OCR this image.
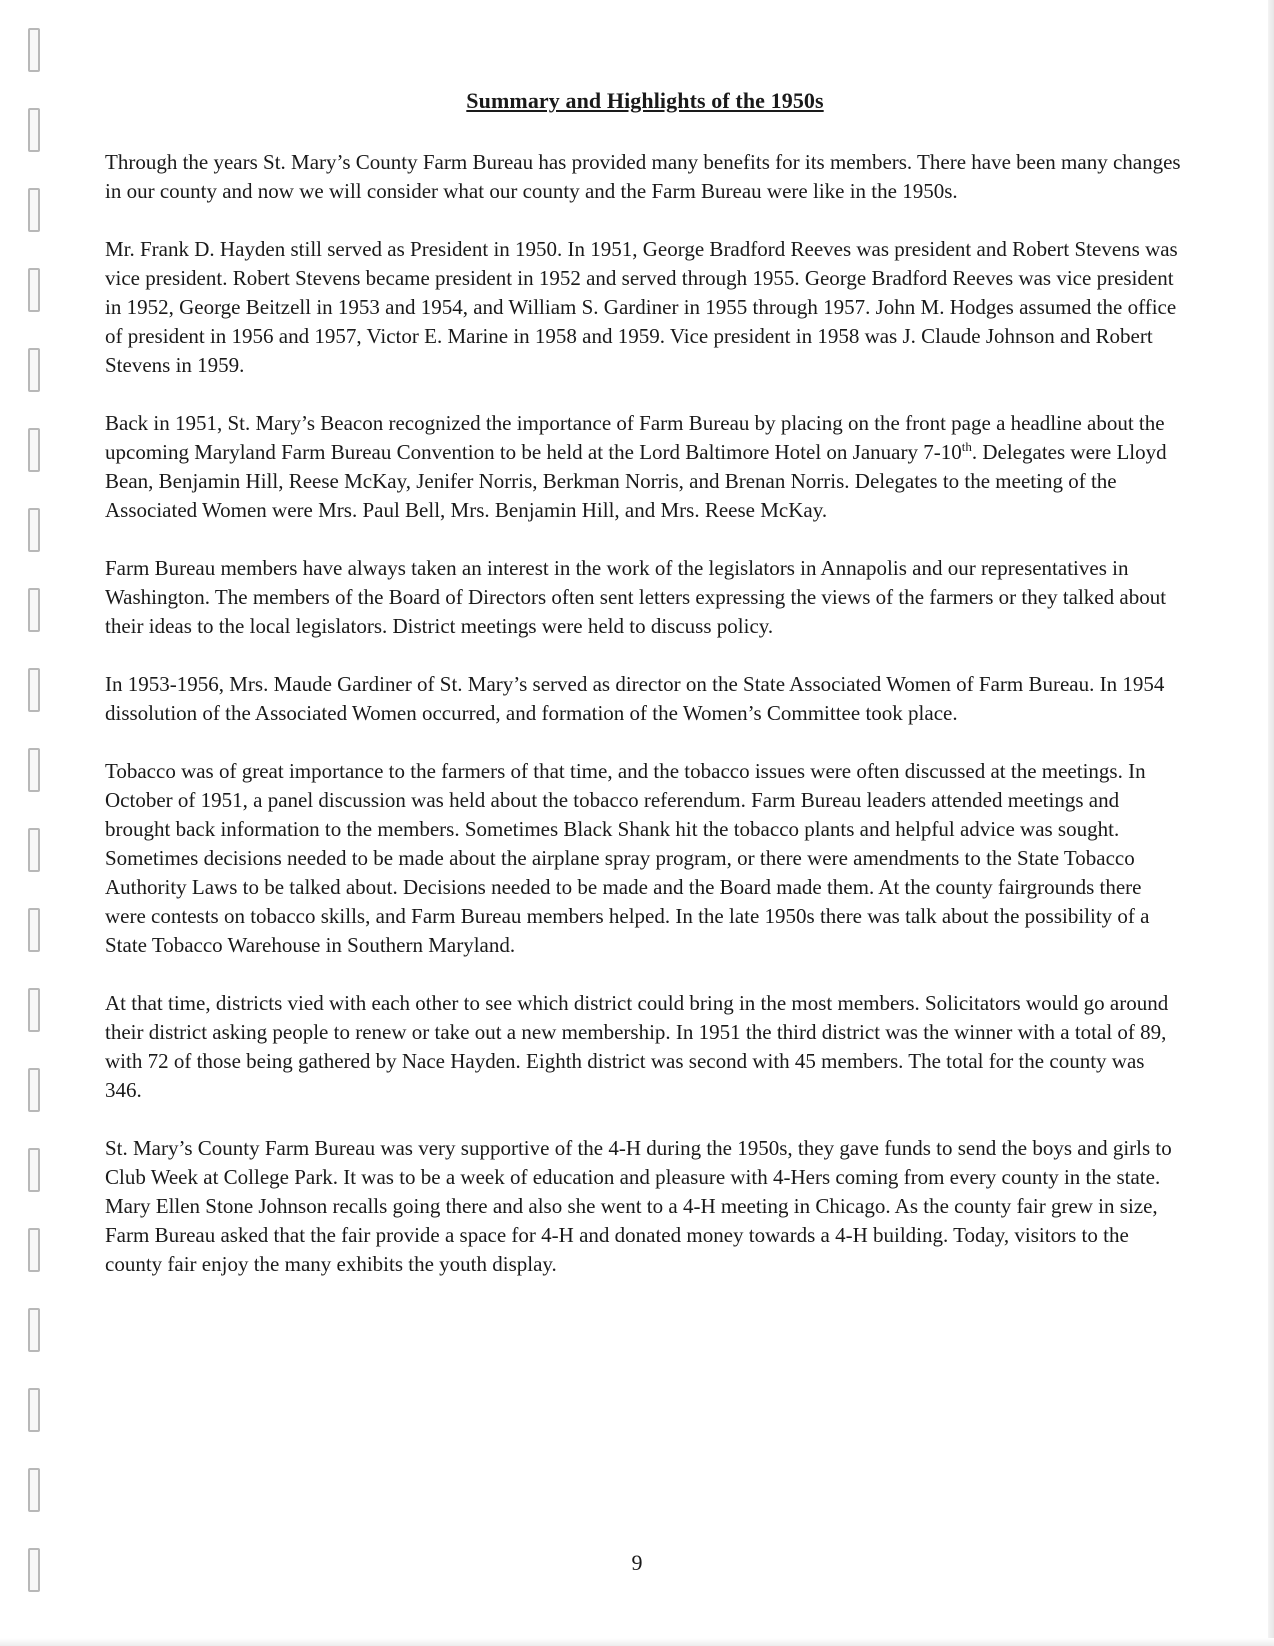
Summary and Highlights of the 1950s

Through the years St. Mary’s County Farm Bureau has provided many benefits for its members. There have been many changes in our county and now we will consider what our county and the Farm Bureau were like in the 1950s.

Mr. Frank D. Hayden still served as President in 1950. In 1951, George Bradford Reeves was president and Robert Stevens was vice president. Robert Stevens became president in 1952 and served through 1955. George Bradford Reeves was vice president in 1952, George Beitzell in 1953 and 1954, and William S. Gardiner in 1955 through 1957. John M. Hodges assumed the office of president in 1956 and 1957, Victor E. Marine in 1958 and 1959. Vice president in 1958 was J. Claude Johnson and Robert Stevens in 1959.

Back in 1951, St. Mary’s Beacon recognized the importance of Farm Bureau by placing on the front page a headline about the upcoming Maryland Farm Bureau Convention to be held at the Lord Baltimore Hotel on January 7-10th. Delegates were Lloyd Bean, Benjamin Hill, Reese McKay, Jenifer Norris, Berkman Norris, and Brenan Norris. Delegates to the meeting of the Associated Women were Mrs. Paul Bell, Mrs. Benjamin Hill, and Mrs. Reese McKay.

Farm Bureau members have always taken an interest in the work of the legislators in Annapolis and our representatives in Washington. The members of the Board of Directors often sent letters expressing the views of the farmers or they talked about their ideas to the local legislators. District meetings were held to discuss policy.

In 1953-1956, Mrs. Maude Gardiner of St. Mary’s served as director on the State Associated Women of Farm Bureau. In 1954 dissolution of the Associated Women occurred, and formation of the Women’s Committee took place.

Tobacco was of great importance to the farmers of that time, and the tobacco issues were often discussed at the meetings. In October of 1951, a panel discussion was held about the tobacco referendum. Farm Bureau leaders attended meetings and brought back information to the members. Sometimes Black Shank hit the tobacco plants and helpful advice was sought. Sometimes decisions needed to be made about the airplane spray program, or there were amendments to the State Tobacco Authority Laws to be talked about. Decisions needed to be made and the Board made them. At the county fairgrounds there were contests on tobacco skills, and Farm Bureau members helped. In the late 1950s there was talk about the possibility of a State Tobacco Warehouse in Southern Maryland.

At that time, districts vied with each other to see which district could bring in the most members. Solicitators would go around their district asking people to renew or take out a new membership. In 1951 the third district was the winner with a total of 89, with 72 of those being gathered by Nace Hayden. Eighth district was second with 45 members. The total for the county was 346.

St. Mary’s County Farm Bureau was very supportive of the 4-H during the 1950s, they gave funds to send the boys and girls to Club Week at College Park. It was to be a week of education and pleasure with 4-Hers coming from every county in the state. Mary Ellen Stone Johnson recalls going there and also she went to a 4-H meeting in Chicago. As the county fair grew in size, Farm Bureau asked that the fair provide a space for 4-H and donated money towards a 4-H building. Today, visitors to the county fair enjoy the many exhibits the youth display.

9
